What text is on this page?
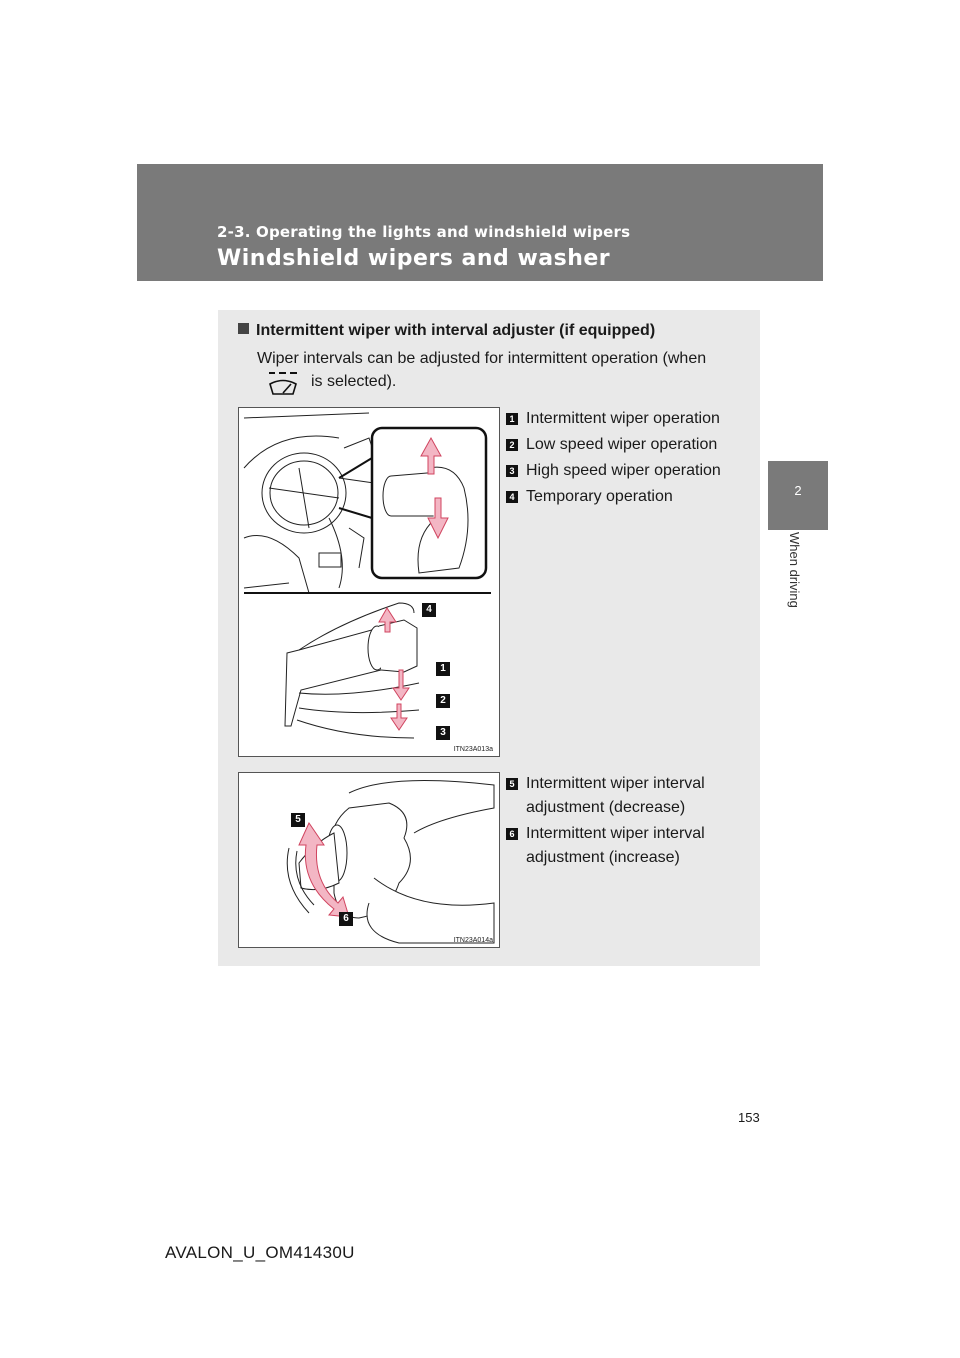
2-3. Operating the lights and windshield wipers
Windshield wipers and washer
2
When driving
Intermittent wiper with interval adjuster (if equipped)
Wiper intervals can be adjusted for intermittent operation (when
is selected).
4
1
2
3
ITN23A013a
1 Intermittent wiper operation
2 Low speed wiper operation
3 High speed wiper operation
4 Temporary operation
5
6
ITN23A014a
5 Intermittent wiper interval adjustment (decrease)
6 Intermittent wiper interval adjustment (increase)
153
AVALON_U_OM41430U
